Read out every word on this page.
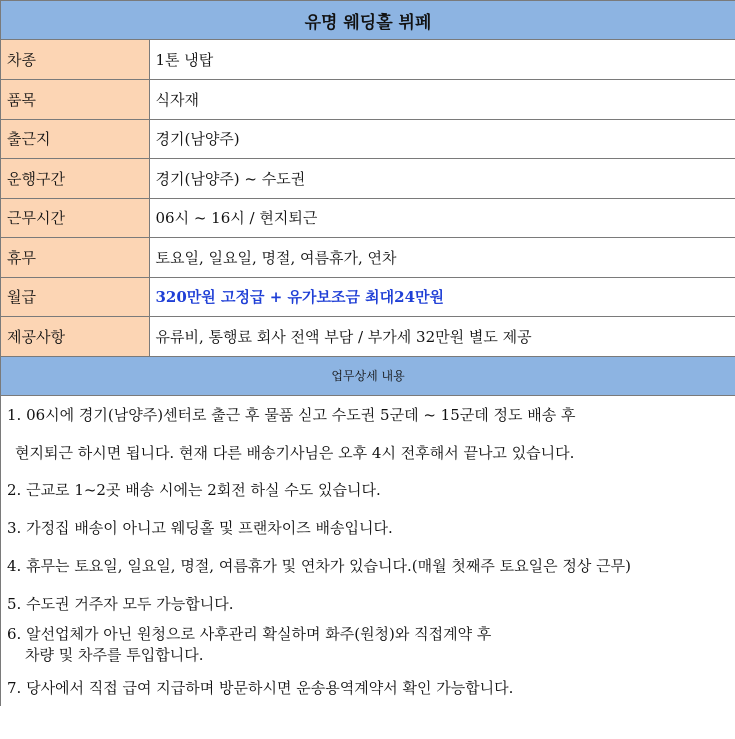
유명 웨딩홀 뷔페
차종	1톤 냉탑
품목	식자재
출근지	경기(남양주)
운행구간	경기(남양주) ~ 수도권
근무시간	06시 ~ 16시 / 현지퇴근
휴무	토요일, 일요일, 명절, 여름휴가, 연차
월급	320만원 고정급 + 유가보조금 최대24만원
제공사항	유류비, 통행료 회사 전액 부담 / 부가세 32만원 별도 제공
업무상세 내용
1. 06시에 경기(남양주)센터로 출근 후 물품 싣고 수도권 5군데 ~ 15군데 정도 배송 후
현지퇴근 하시면 됩니다. 현재 다른 배송기사님은 오후 4시 전후해서 끝나고 있습니다.
2. 근교로 1~2곳 배송 시에는 2회전 하실 수도 있습니다.
3. 가정집 배송이 아니고 웨딩홀 및 프랜차이즈 배송입니다.
4. 휴무는 토요일, 일요일, 명절, 여름휴가 및 연차가 있습니다.(매월 첫째주 토요일은 정상 근무)
5. 수도권 거주자 모두 가능합니다.
6. 알선업체가 아닌 원청으로 사후관리 확실하며 화주(원청)와 직접계약 후
차량 및 차주를 투입합니다.
7. 당사에서 직접 급여 지급하며 방문하시면 운송용역계약서 확인 가능합니다.
